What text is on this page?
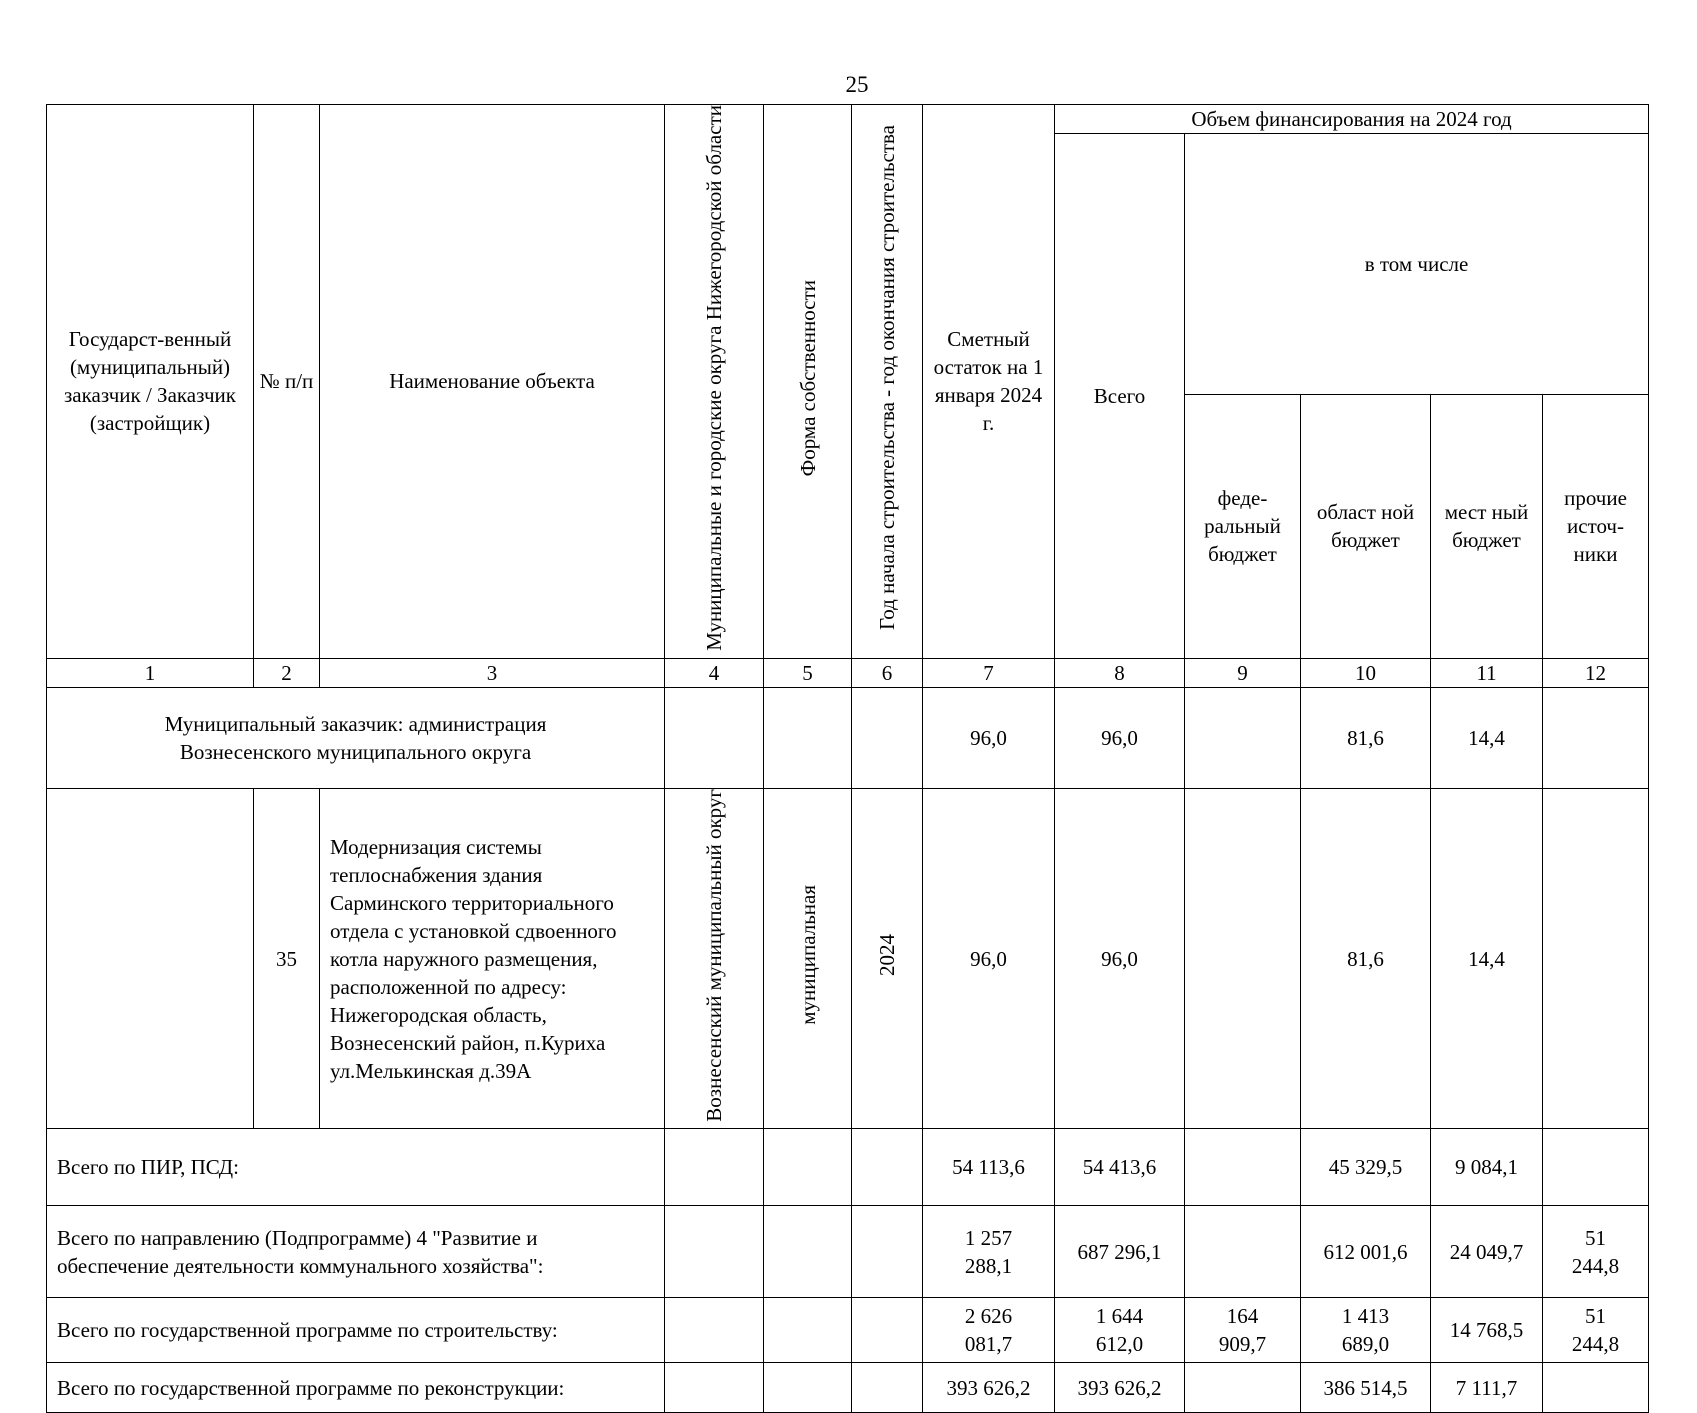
25
Государст-венный (муниципальный) заказчик / Заказчик (застройщик)	№ п/п	Наименование объекта	Муниципальные и городские округа Нижегородской области	Форма собственности	Год начала строительства - год окончания строительства	Сметный остаток на 1 января 2024 г.	Объем финансирования на 2024 год				
							Всего	в том числе			
								феде-ральный бюджет	област ной бюджет	мест ный бюджет	прочие источ-ники
1	2	3	4	5	6	7	8	9	10	11	12
Муниципальный заказчик: администрация Вознесенского муниципального округа						96,0	96,0		81,6	14,4	
	35	Модернизация системы теплоснабжения здания Сарминского территориального отдела с установкой сдвоенного котла наружного размещения, расположенной по адресу: Нижегородская область, Вознесенский район, п.Куриха ул.Мелькинская д.39А	Вознесенский муниципальный округ	муниципальная	2024	96,0	96,0		81,6	14,4	
Всего по ПИР, ПСД:						54 113,6	54 413,6		45 329,5	9 084,1	
Всего по направлению (Подпрограмме) 4 "Развитие и обеспечение деятельности коммунального хозяйства":						1 257 288,1	687 296,1		612 001,6	24 049,7	51 244,8
Всего по государственной программе по строительству:						2 626 081,7	1 644 612,0	164 909,7	1 413 689,0	14 768,5	51 244,8
Всего по государственной программе по реконструкции:						393 626,2	393 626,2		386 514,5	7 111,7	
